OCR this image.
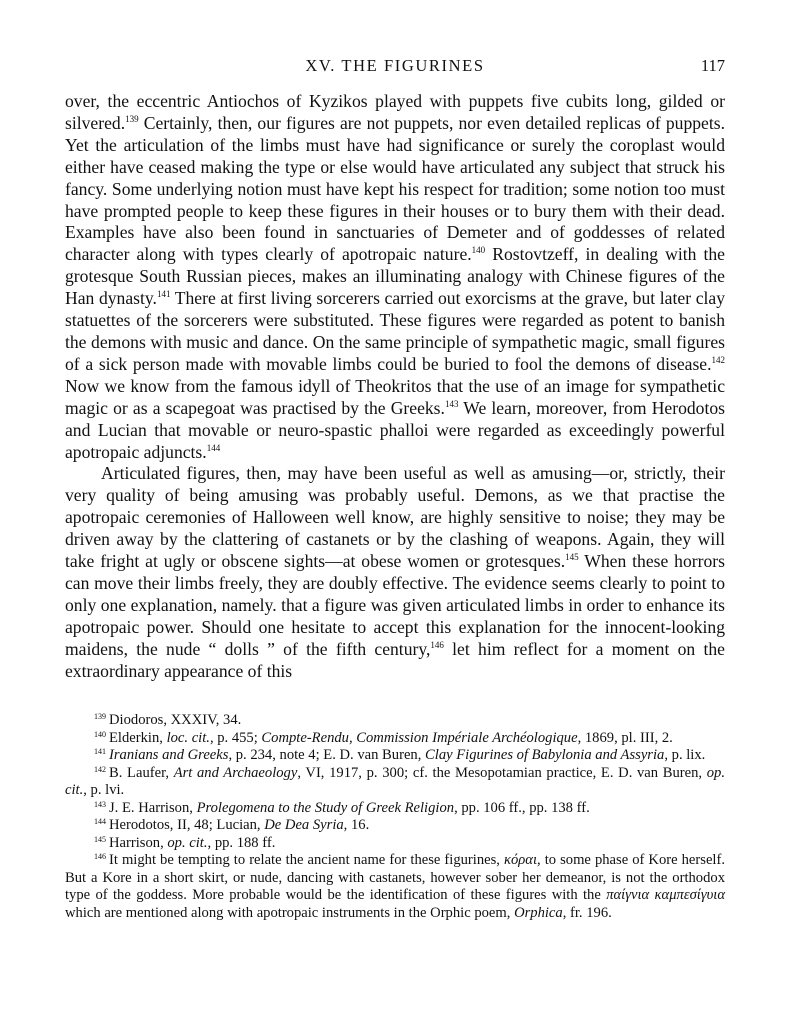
XV. THE FIGURINES	117

over, the eccentric Antiochos of Kyzikos played with puppets five cubits long, gilded or silvered.$^{139}$ Certainly, then, our figures are not puppets, nor even detailed replicas of puppets. Yet the articulation of the limbs must have had significance or surely the coroplast would either have ceased making the type or else would have articulated any subject that struck his fancy. Some underlying notion must have kept his respect for tradition; some notion too must have prompted people to keep these figures in their houses or to bury them with their dead. Examples have also been found in sanctuaries of Demeter and of goddesses of related character along with types clearly of apotropaic nature.$^{140}$ Rostovtzeff, in dealing with the grotesque South Russian pieces, makes an illuminating analogy with Chinese figures of the Han dynasty.$^{141}$ There at first living sorcerers carried out exorcisms at the grave, but later clay statuettes of the sorcerers were substituted. These figures were regarded as potent to banish the demons with music and dance. On the same principle of sympathetic magic, small figures of a sick person made with movable limbs could be buried to fool the demons of disease.$^{142}$ Now we know from the famous idyll of Theokritos that the use of an image for sympathetic magic or as a scapegoat was practised by the Greeks.$^{143}$ We learn, moreover, from Herodotos and Lucian that movable or neuro-spastic phalloi were regarded as exceedingly powerful apotropaic adjuncts.$^{144}$

Articulated figures, then, may have been useful as well as amusing—or, strictly, their very quality of being amusing was probably useful. Demons, as we that practise the apotropaic ceremonies of Halloween well know, are highly sensitive to noise; they may be driven away by the clattering of castanets or by the clashing of weapons. Again, they will take fright at ugly or obscene sights—at obese women or grotesques.$^{145}$ When these horrors can move their limbs freely, they are doubly effective. The evidence seems clearly to point to only one explanation, namely. that a figure was given articulated limbs in order to enhance its apotropaic power. Should one hesitate to accept this explanation for the innocent-looking maidens, the nude “ dolls ” of the fifth century,$^{146}$ let him reflect for a moment on the extraordinary appearance of this

$^{139}$ Diodoros, XXXIV, 34.

$^{140}$ Elderkin, loc. cit., p. 455; Compte-Rendu, Commission Impériale Archéologique, 1869, pl. III, 2.

$^{141}$ Iranians and Greeks, p. 234, note 4; E. D. van Buren, Clay Figurines of Babylonia and Assyria, p. lix.

$^{142}$ B. Laufer, Art and Archaeology, VI, 1917, p. 300; cf. the Mesopotamian practice, E. D. van Buren, op. cit., p. lvi.

$^{143}$ J. E. Harrison, Prolegomena to the Study of Greek Religion, pp. 106 ff., pp. 138 ff.

$^{144}$ Herodotos, II, 48; Lucian, De Dea Syria, 16.

$^{145}$ Harrison, op. cit., pp. 188 ff.

$^{146}$ It might be tempting to relate the ancient name for these figurines, κόραι, to some phase of Kore herself. But a Kore in a short skirt, or nude, dancing with castanets, however sober her demeanor, is not the orthodox type of the goddess. More probable would be the identification of these figures with the παίγνια καμπεσίγυια which are mentioned along with apotropaic instruments in the Orphic poem, Orphica, fr. 196.
